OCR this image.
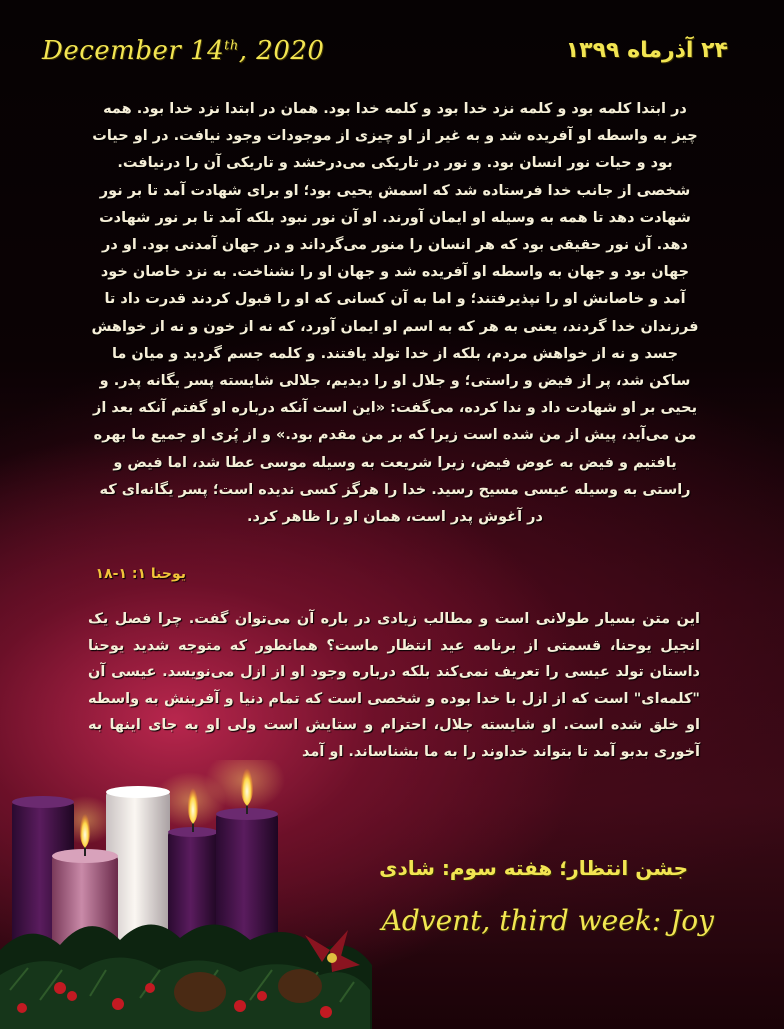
December 14th, 2020	۲۴ آذرماه ۱۳۹۹
در ابتدا کلمه بود و کلمه نزد خدا بود و کلمه خدا بود. همان در ابتدا نزد خدا بود. همه چیز به واسطه او آفریده شد و به غیر از او چیزی از موجودات وجود نیافت. در او حیات بود و حیات نور انسان بود. و نور در تاریکی می‌درخشد و تاریکی آن را درنیافت. شخصی از جانب خدا فرستاده شد که اسمش یحیی بود؛ او برای شهادت آمد تا بر نور شهادت دهد تا همه به وسیله او ایمان آورند. او آن نور نبود بلکه آمد تا بر نور شهادت دهد. آن نور حقیقی بود که هر انسان را منور می‌گرداند و در جهان آمدنی بود. او در جهان بود و جهان به واسطه او آفریده شد و جهان او را نشناخت. به نزد خاصان خود آمد و خاصانش او را نپذیرفتند؛ و اما به آن کسانی که او را قبول کردند قدرت داد تا فرزندان خدا گردند، یعنی به هر که به اسم او ایمان آورد، که نه از خون و نه از خواهش جسد و نه از خواهش مردم، بلکه از خدا تولد یافتند. و کلمه جسم گردید و میان ما ساکن شد، پر از فیض و راستی؛ و جلال او را دیدیم، جلالی شایسته پسر یگانه پدر. و یحیی بر او شهادت داد و ندا کرده، می‌گفت: «این است آنکه درباره او گفتم آنکه بعد از من می‌آید، پیش از من شده است زیرا که بر من مقدم بود.» و از پُری او جمیع ما بهره یافتیم و فیض به عوض فیض، زیرا شریعت به وسیله موسی عطا شد، اما فیض و راستی به وسیله عیسی مسیح رسید. خدا را هرگز کسی ندیده است؛ پسر یگانه‌ای که در آغوش پدر است، همان او را ظاهر کرد.
یوحنا ۱: ۱-۱۸
این متن بسیار طولانی است و مطالب زیادی در باره آن می‌توان گفت. چرا فصل یک انجیل یوحنا، قسمتی از برنامه عید انتظار ماست؟ همانطور که متوجه شدید یوحنا داستان تولد عیسی را تعریف نمی‌کند بلکه درباره وجود او از ازل می‌نویسد. عیسی آن "کلمه‌ای" است که از ازل با خدا بوده و شخصی است که تمام دنیا و آفرینش به واسطه او خلق شده است. او شایسته جلال، احترام و ستایش است ولی او به جای اینها به آخوری بدبو آمد تا بتواند خداوند را به ما بشناساند. او آمد
جشن انتظار؛ هفته سوم: شادی
Advent, third week: Joy
